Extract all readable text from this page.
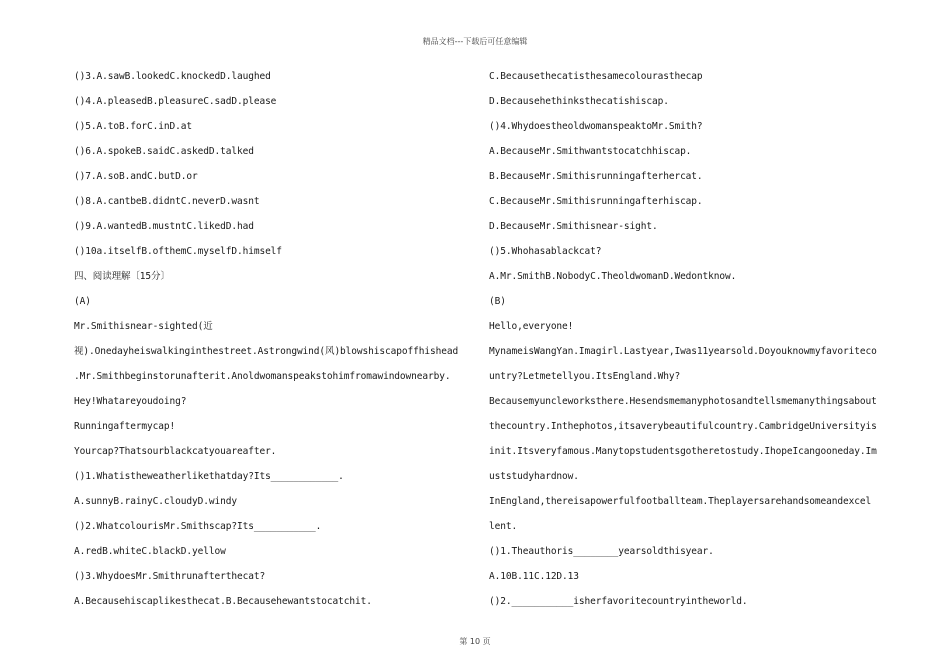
精品文档---下载后可任意编辑
()3.A.sawB.lookedC.knockedD.laughed
()4.A.pleasedB.pleasureC.sadD.please
()5.A.toB.forC.inD.at
()6.A.spokeB.saidC.askedD.talked
()7.A.soB.andC.butD.or
()8.A.cantbeB.didntC.neverD.wasnt
()9.A.wantedB.mustntC.likedD.had
()10a.itselfB.ofthemC.myselfD.himself
四、阅读理解〔15分〕
(A)
Mr.Smithisnear-sighted(近
视).Onedayheiswalkinginthestreet.Astrongwind(风)blowshiscapoffhishead
.Mr.Smithbeginstorunafterit.Anoldwomanspeakstohimfromawindownearby.
Hey!Whatareyoudoing?
Runningaftermycap!
Yourcap?Thatsourblackcatyouareafter.
()1.Whatistheweatherlikethatday?Its____________.
A.sunnyB.rainyC.cloudyD.windy
()2.WhatcolourisMr.Smithscap?Its___________.
A.redB.whiteC.blackD.yellow
()3.WhydoesMr.Smithrunafterthecat?
A.Becausehiscaplikesthecat.B.Becausehewantstocatchit.
C.Becausethecatisthesamecolourasthecap
D.Becausehethinksthecatishiscap.
()4.WhydoestheoldwomanspeaktoMr.Smith?
A.BecauseMr.Smithwantstocatchhiscap.
B.BecauseMr.Smithisrunningafterhercat.
C.BecauseMr.Smithisrunningafterhiscap.
D.BecauseMr.Smithisnear-sight.
()5.Whohasablackcat?
A.Mr.SmithB.NobodyC.TheoldwomanD.Wedontknow.
(B)
Hello,everyone!
MynameisWangYan.Imagirl.Lastyear,Iwas11yearsold.Doyouknowmyfavoriteco
untry?Letmetellyou.ItsEngland.Why?
Becausemyuncleworksthere.Hesendsmemanyphotosandtellsmemanythingsabout
thecountry.Inthephotos,itsaverybeautifulcountry.CambridgeUniversityis
init.Itsveryfamous.Manytopstudentsgotheretostudy.IhopeIcangooneday.Im
uststudyhardnow.
InEngland,thereisapowerfulfootballteam.Theplayersarehandsomeandexcel
lent.
()1.Theauthoris________yearsoldthisyear.
A.10B.11C.12D.13
()2.___________isherfavoritecountryintheworld.
第 10 页
